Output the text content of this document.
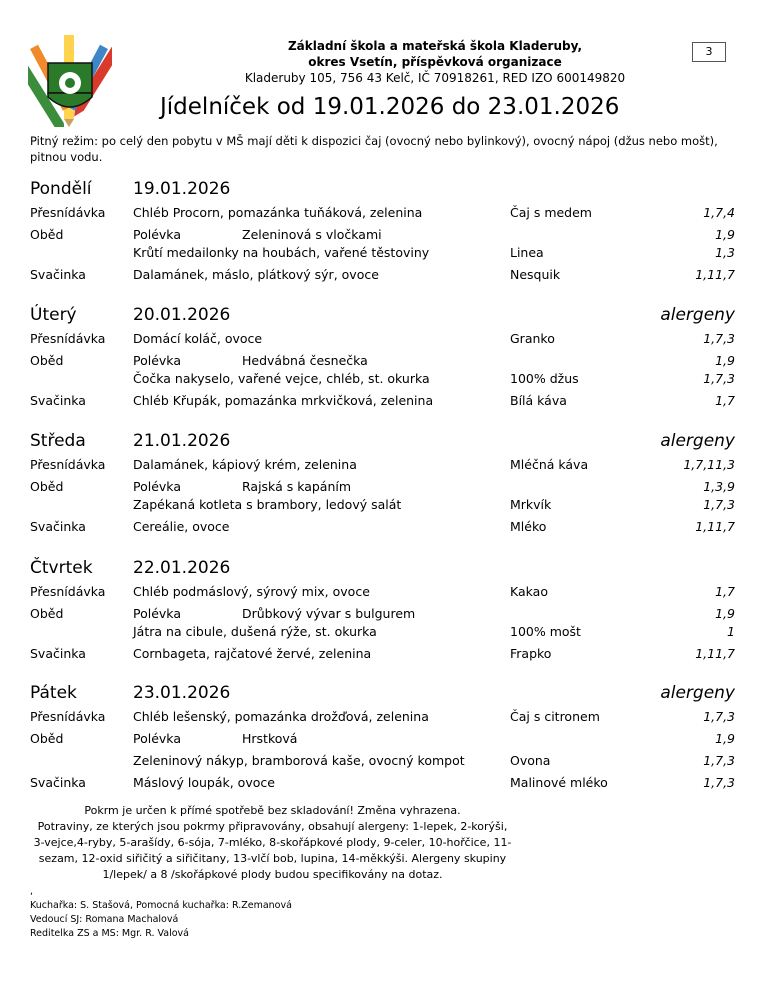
Základní škola a mateřská škola Kladeruby,
okres Vsetín, příspěvková organizace
Kladeruby 105, 756 43 Kelč, IČ 70918261, RED IZO 600149820
3
Jídelníček od 19.01.2026 do 23.01.2026
Pitný režim: po celý den pobytu v MŠ mají děti k dispozici čaj (ovocný nebo bylinkový), ovocný nápoj (džus nebo mošt), pitnou vodu.
Pondělí 19.01.2026
Přesnídávka Chléb Procorn, pomazánka tuňáková, zelenina	Čaj s medem	1,7,4
Oběd	Polévka	Zeleninová s vločkami	1,9
Krůtí medailonky na houbách, vařené těstoviny	Linea	1,3
Svačinka	Dalamánek, máslo, plátkový sýr, ovoce	Nesquik	1,11,7
Úterý	20.01.2026	alergeny
Přesnídávka Domácí koláč, ovoce	Granko	1,7,3
Oběd	Polévka	Hedvábná česnečka	1,9
Čočka nakyselo, vařené vejce, chléb, st. okurka	100% džus	1,7,3
Svačinka	Chléb Křupák, pomazánka mrkvičková, zelenina	Bílá káva	1,7
Středa	21.01.2026	alergeny
Přesnídávka Dalamánek, kápiový krém, zelenina	Mléčná káva	1,7,11,3
Oběd	Polévka	Rajská s kapáním	1,3,9
Zapékaná kotleta s brambory, ledový salát	Mrkvík	1,7,3
Svačinka	Cereálie, ovoce	Mléko	1,11,7
Čtvrtek 22.01.2026
Přesnídávka Chléb podmáslový, sýrový mix, ovoce	Kakao	1,7
Oběd	Polévka	Drůbkový vývar s bulgurem	1,9
Játra na cibule, dušená rýže, st. okurka	100% mošt	1
Svačinka	Cornbageta, rajčatové žervé, zelenina	Frapko	1,11,7
Pátek	23.01.2026	alergeny
Přesnídávka Chléb lešenský, pomazánka drožďová, zelenina	Čaj s citronem	1,7,3
Oběd	Polévka	Hrstková	1,9
Zeleninový nákyp, bramborová kaše, ovocný kompot	Ovona	1,7,3
Svačinka	Máslový loupák, ovoce	Malinové mléko	1,7,3
Pokrm je určen k přímé spotřebě bez skladování! Změna vyhrazena.
Potraviny, ze kterých jsou pokrmy připravovány, obsahují alergeny: 1-lepek, 2-korýši,
3-vejce,4-ryby, 5-arašídy, 6-sója, 7-mléko, 8-skořápkové plody, 9-celer, 10-hořčice, 11-
sezam, 12-oxid siřičitý a siřičitany, 13-vlčí bob, lupina, 14-měkkýši. Alergeny skupiny
1/lepek/ a 8 /skořápkové plody budou specifikovány na dotaz.
,
Kuchařka: S. Stašová, Pomocná kuchařka: R.Zemanová
Vedoucí SJ: Romana Machalová
Reditelka ZS a MS: Mgr. R. Valová
